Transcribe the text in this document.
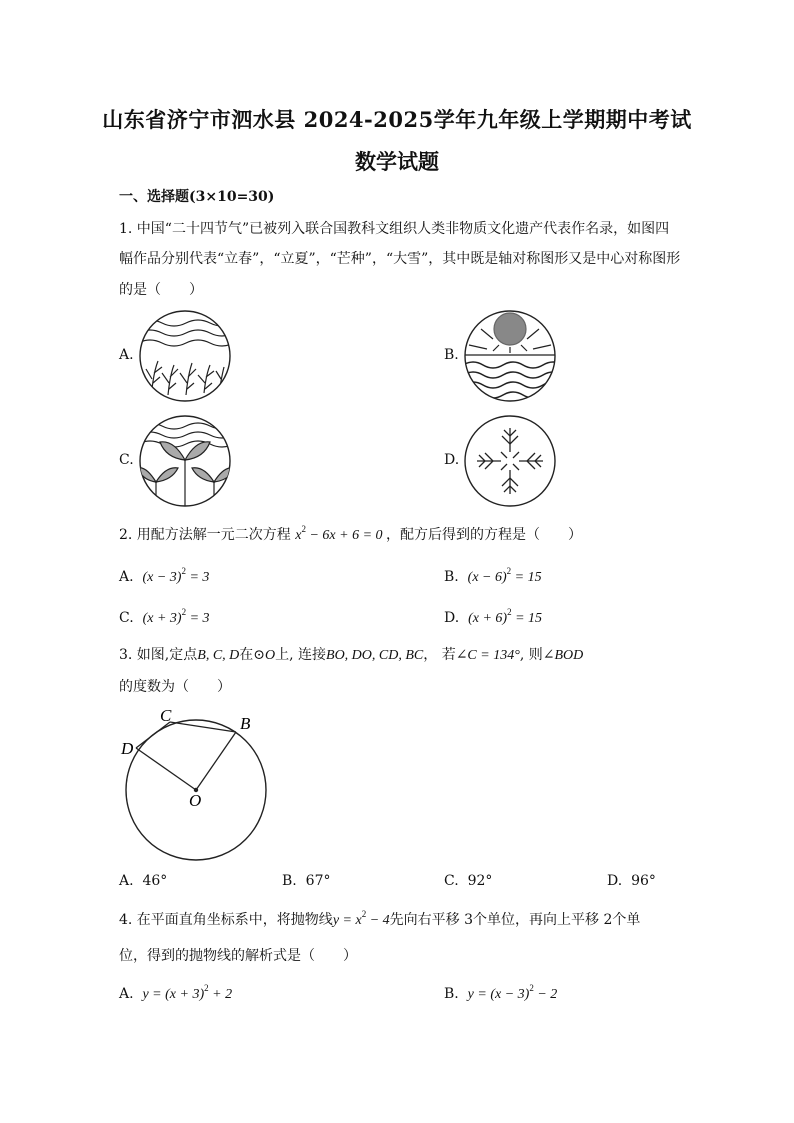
山东省济宁市泗水县 2024-2025学年九年级上学期期中考试
数学试题
一、选择题(3×10=30)
1. 中国“二十四节气”已被列入联合国教科文组织人类非物质文化遗产代表作名录，如图四
幅作品分别代表“立春”，“立夏”，“芒种”，“大雪”，其中既是轴对称图形又是中心对称图形
的是（　　）
A.	B.
C.	D.
2. 用配方法解一元二次方程 $x^2 - 6x + 6 = 0$ ，配方后得到的方程是（　　）
A. $(x - 3)^2 = 3$	B. $(x - 6)^2 = 15$
C. $(x + 3)^2 = 3$	D. $(x + 6)^2 = 15$
3. 如图,定点B, C, D在⊙O上, 连接BO, DO, CD, BC， 若∠C = 134°, 则∠BOD
的度数为（　　）
C	B
D
O
A. 46°	B. 67°	C. 92°	D. 96°
4. 在平面直角坐标系中，将抛物线$y = x^2 - 4$先向右平移 3个单位，再向上平移 2个单
位，得到的抛物线的解析式是（　　）
A. $y = (x + 3)^2 + 2$	B. $y = (x - 3)^2 - 2$
